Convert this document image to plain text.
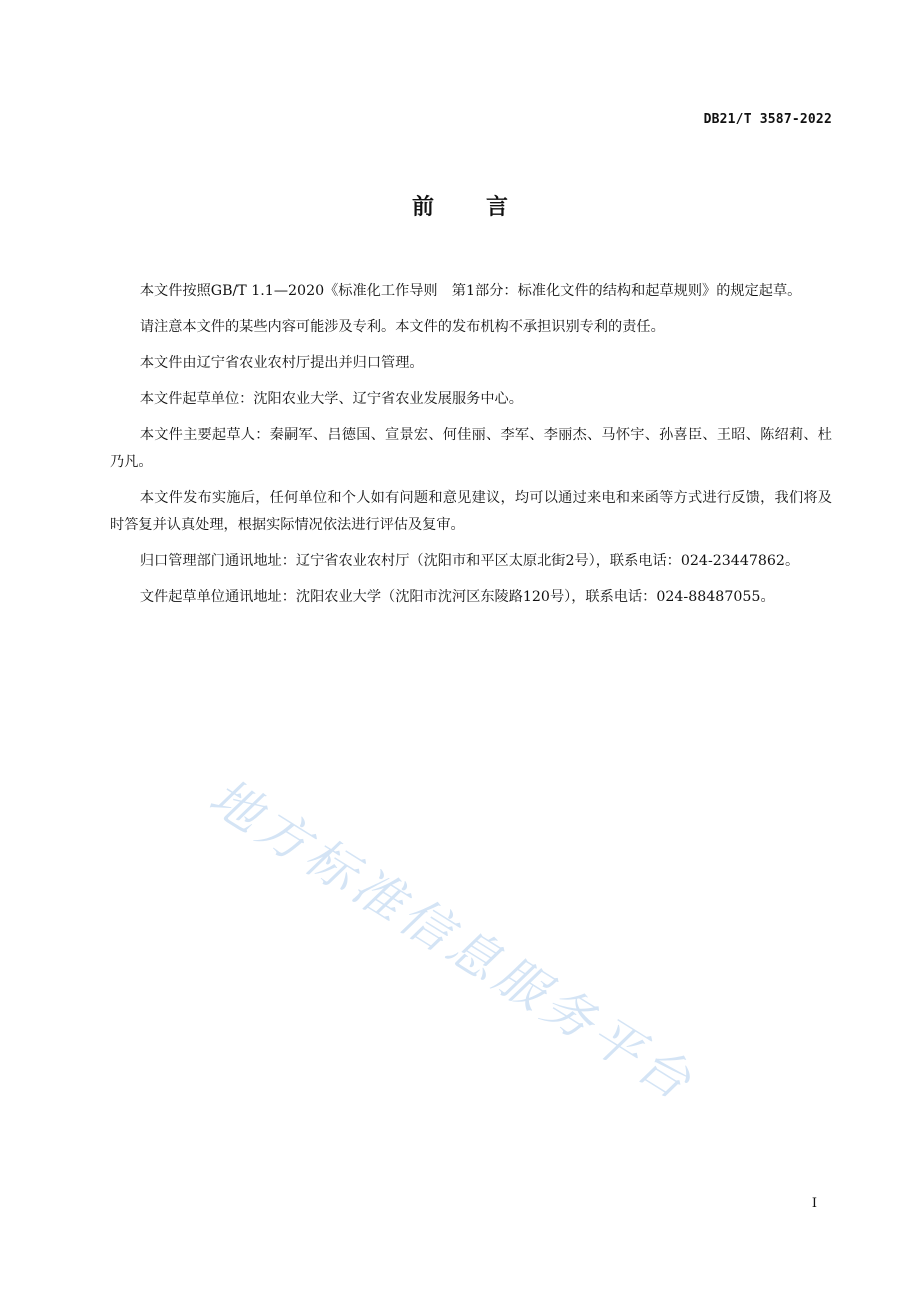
DB21/T 3587-2022
前 言

本文件按照GB/T 1.1—2020《标准化工作导则　第1部分：标准化文件的结构和起草规则》的规定起草。

请注意本文件的某些内容可能涉及专利。本文件的发布机构不承担识别专利的责任。

本文件由辽宁省农业农村厅提出并归口管理。

本文件起草单位：沈阳农业大学、辽宁省农业发展服务中心。

本文件主要起草人：秦嗣军、吕德国、宣景宏、何佳丽、李军、李丽杰、马怀宇、孙喜臣、王昭、陈绍莉、杜乃凡。

本文件发布实施后，任何单位和个人如有问题和意见建议，均可以通过来电和来函等方式进行反馈，我们将及时答复并认真处理，根据实际情况依法进行评估及复审。

归口管理部门通讯地址：辽宁省农业农村厅（沈阳市和平区太原北街2号），联系电话：024-23447862。

文件起草单位通讯地址：沈阳农业大学（沈阳市沈河区东陵路120号），联系电话：024-88487055。

地方标准信息服务平台
I
